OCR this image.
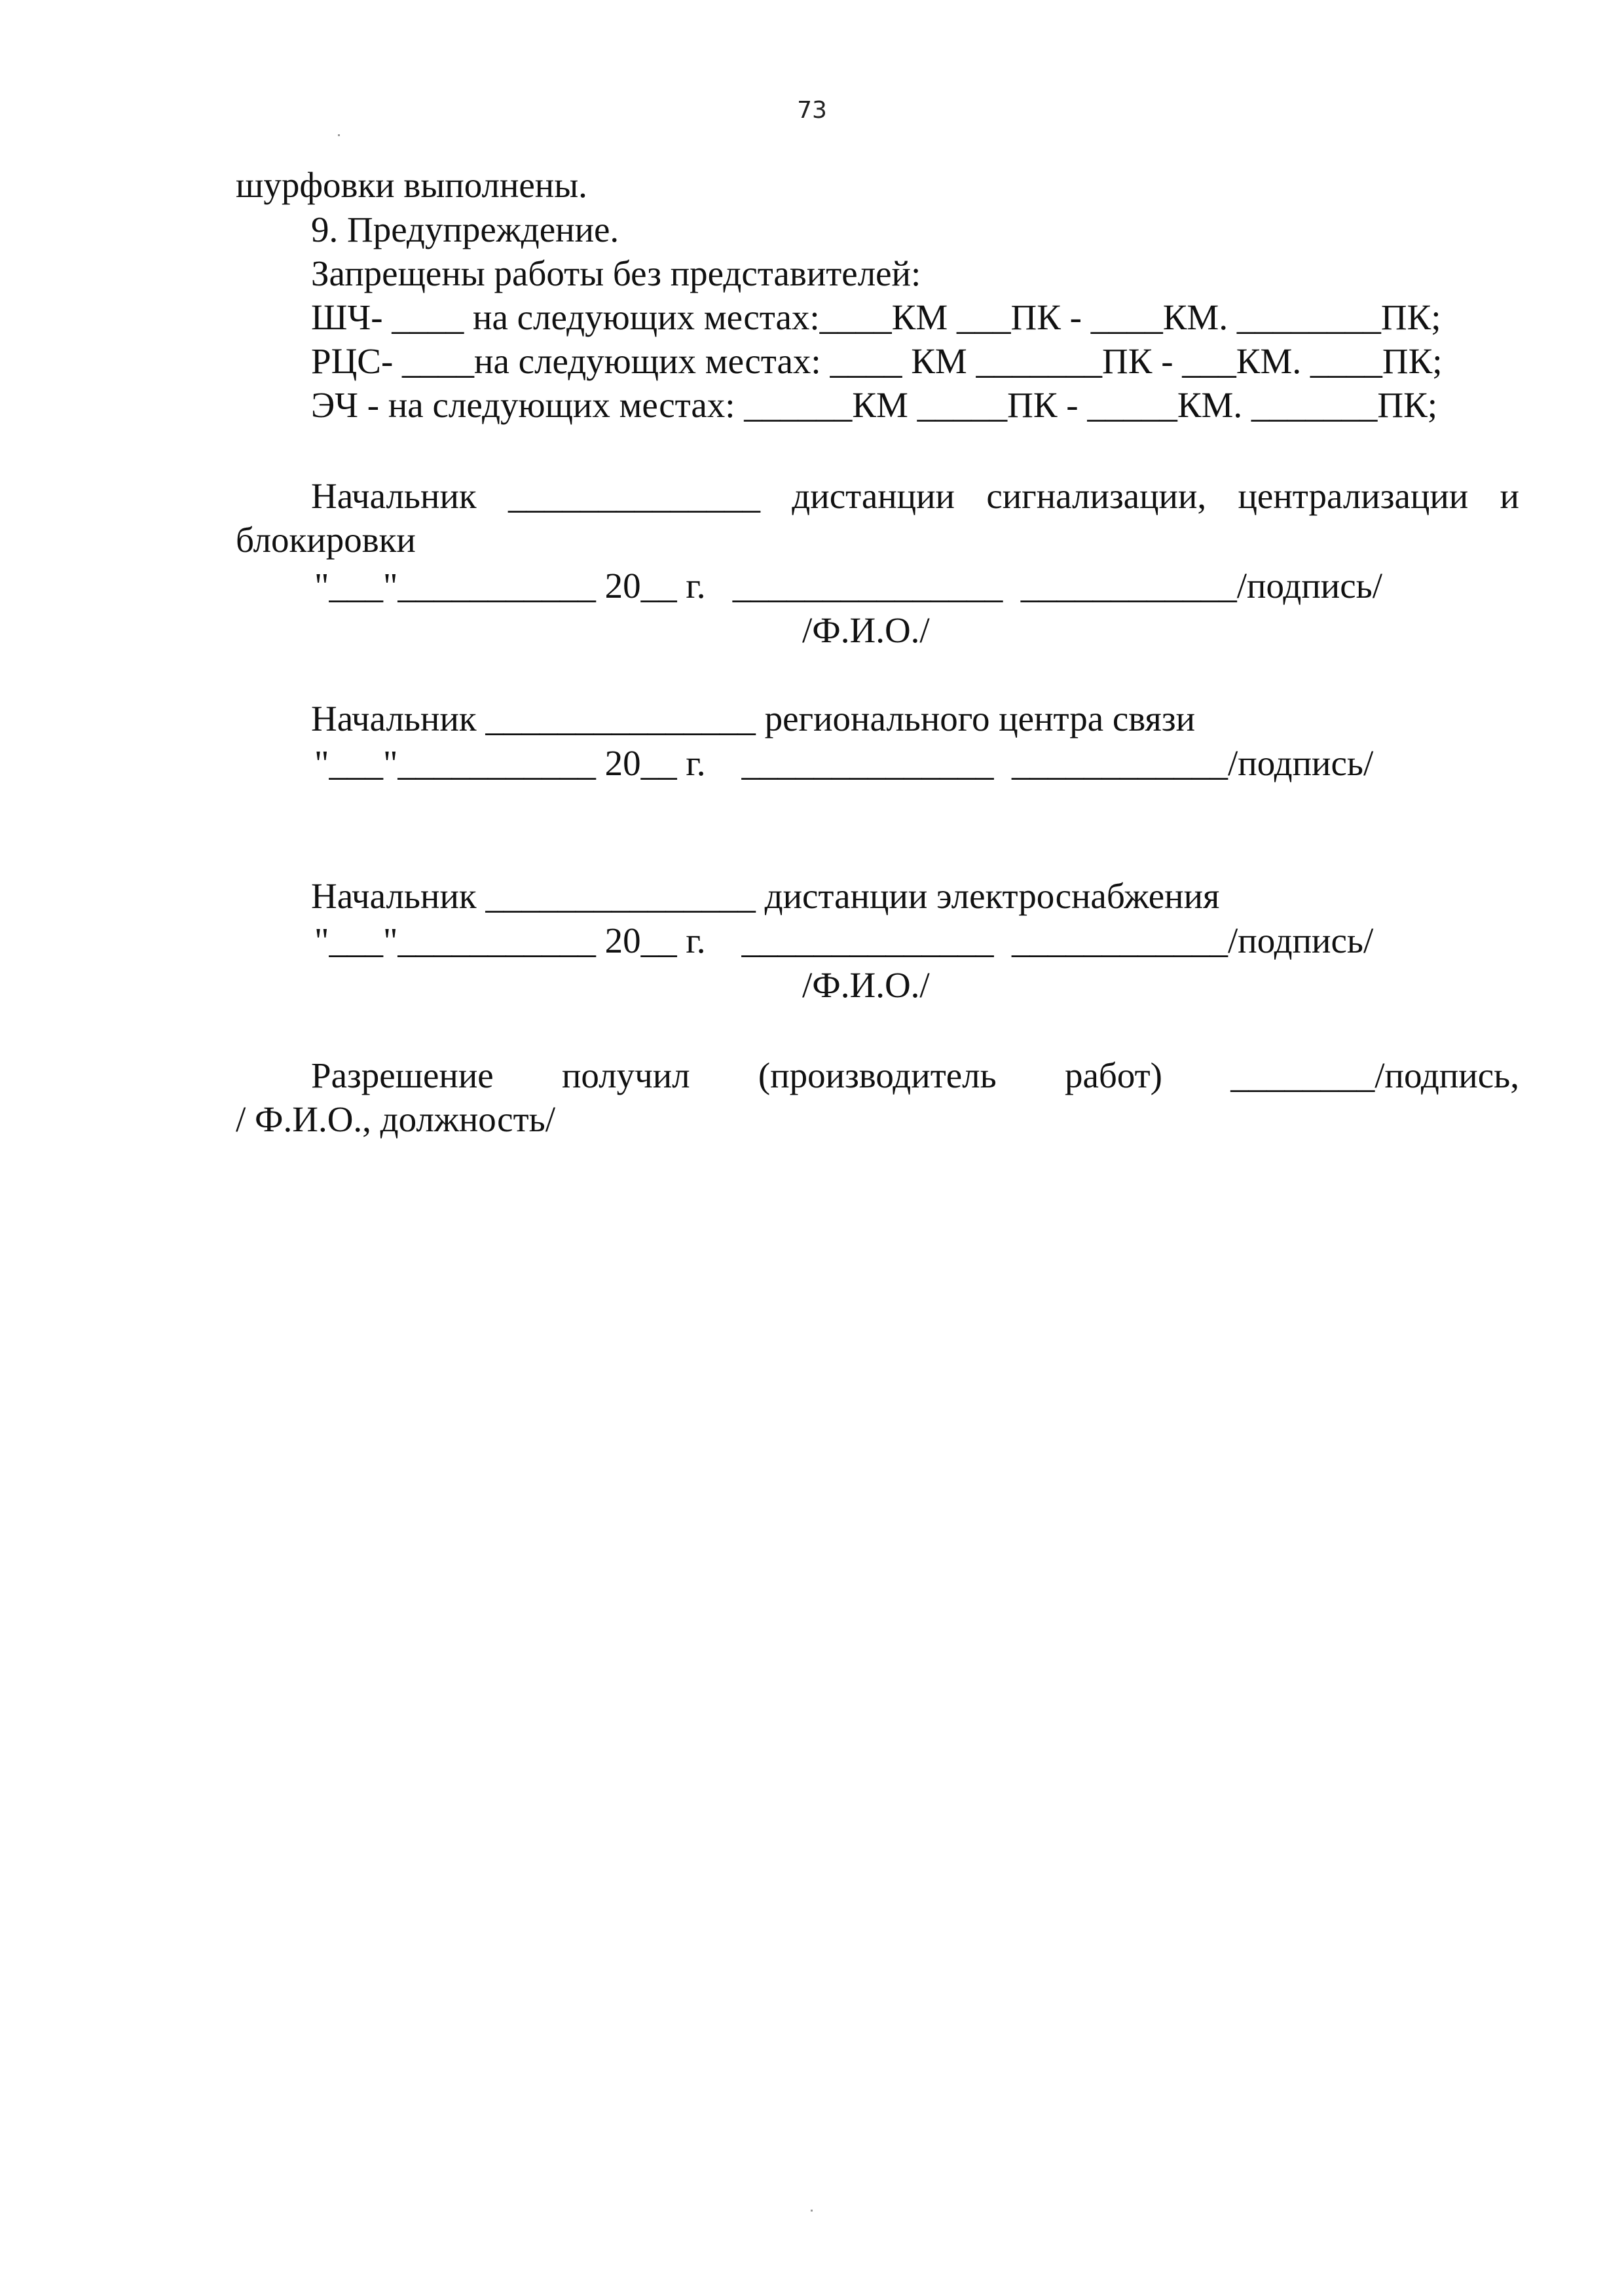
73
шурфовки выполнены.
9. Предупреждение.
Запрещены работы без представителей:
ШЧ- ____ на следующих местах:____КМ ___ПК - ____КМ. ________ПК;
РЦС- ____на следующих местах: ____ КМ _______ПК - ___КМ. ____ПК;
ЭЧ - на следующих местах: ______КМ _____ПК - _____КМ. _______ПК;
Начальник ______________ дистанции сигнализации, централизации и
блокировки
"___"___________ 20__ г.   _______________  ____________/подпись/
/Ф.И.О./
Начальник _______________ регионального центра связи
"___"___________ 20__ г.    ______________  ____________/подпись/
Начальник _______________ дистанции электроснабжения
"___"___________ 20__ г.    ______________  ____________/подпись/
/Ф.И.О./
Разрешение получил (производитель работ) ________/подпись,
/ Ф.И.О., должность/
